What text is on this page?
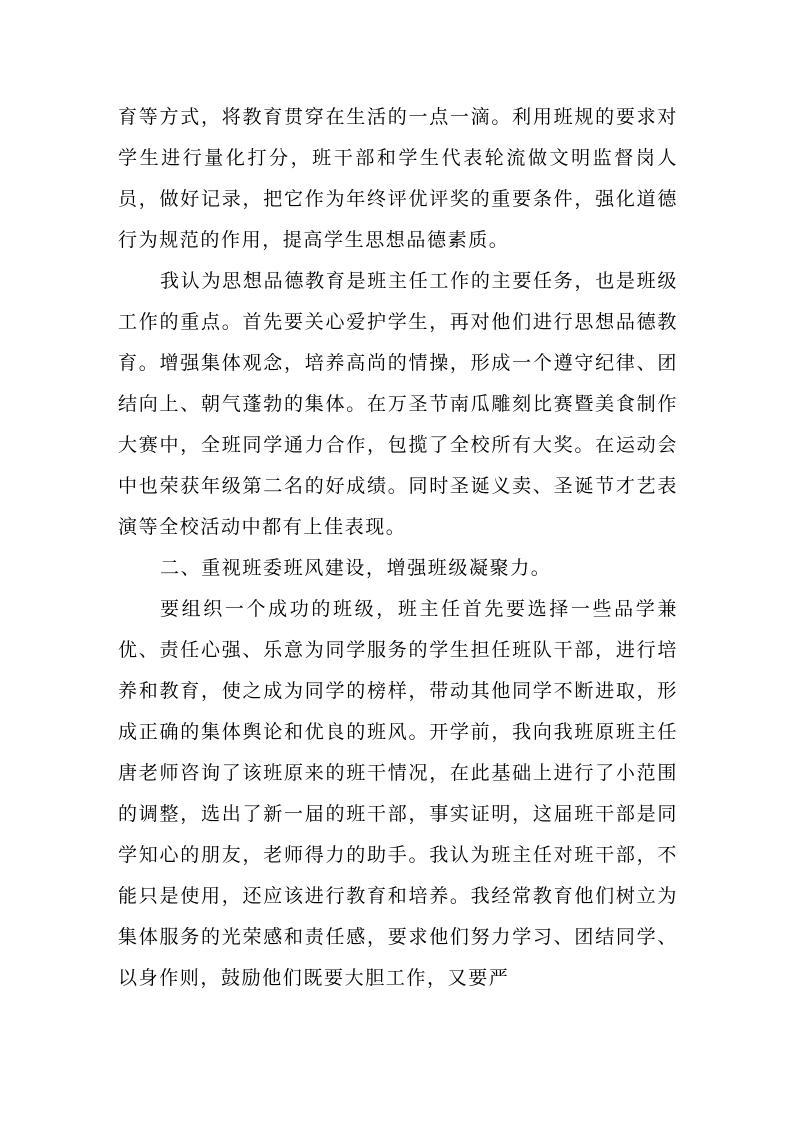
育等方式，将教育贯穿在生活的一点一滴。利用班规的要求对学生进行量化打分，班干部和学生代表轮流做文明监督岗人员，做好记录，把它作为年终评优评奖的重要条件，强化道德行为规范的作用，提高学生思想品德素质。

我认为思想品德教育是班主任工作的主要任务，也是班级工作的重点。首先要关心爱护学生，再对他们进行思想品德教育。增强集体观念，培养高尚的情操，形成一个遵守纪律、团结向上、朝气蓬勃的集体。在万圣节南瓜雕刻比赛暨美食制作大赛中，全班同学通力合作，包揽了全校所有大奖。在运动会中也荣获年级第二名的好成绩。同时圣诞义卖、圣诞节才艺表演等全校活动中都有上佳表现。

二、重视班委班风建设，增强班级凝聚力。

要组织一个成功的班级，班主任首先要选择一些品学兼优、责任心强、乐意为同学服务的学生担任班队干部，进行培养和教育，使之成为同学的榜样，带动其他同学不断进取，形成正确的集体舆论和优良的班风。开学前，我向我班原班主任唐老师咨询了该班原来的班干情况，在此基础上进行了小范围的调整，选出了新一届的班干部，事实证明，这届班干部是同学知心的朋友，老师得力的助手。我认为班主任对班干部，不能只是使用，还应该进行教育和培养。我经常教育他们树立为集体服务的光荣感和责任感，要求他们努力学习、团结同学、以身作则，鼓励他们既要大胆工作，又要严
